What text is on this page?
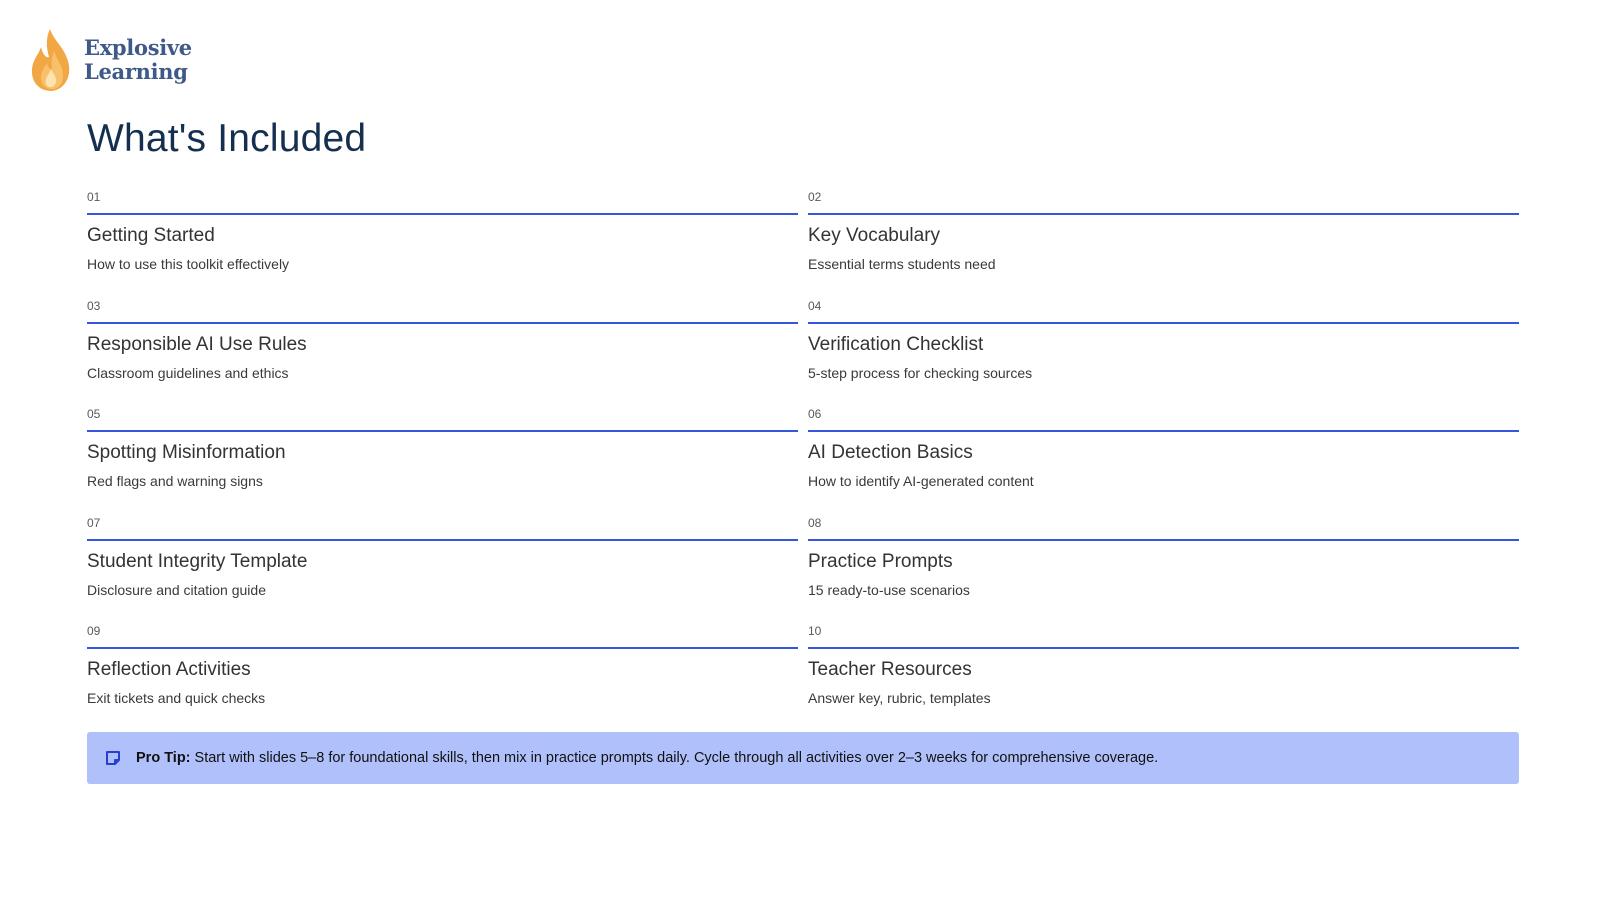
Explosive
Learning
What's Included
01
Getting Started
How to use this toolkit effectively
02
Key Vocabulary
Essential terms students need
03
Responsible AI Use Rules
Classroom guidelines and ethics
04
Verification Checklist
5-step process for checking sources
05
Spotting Misinformation
Red flags and warning signs
06
AI Detection Basics
How to identify AI-generated content
07
Student Integrity Template
Disclosure and citation guide
08
Practice Prompts
15 ready-to-use scenarios
09
Reflection Activities
Exit tickets and quick checks
10
Teacher Resources
Answer key, rubric, templates
Pro Tip: Start with slides 5–8 for foundational skills, then mix in practice prompts daily. Cycle through all activities over 2–3 weeks for comprehensive coverage.
